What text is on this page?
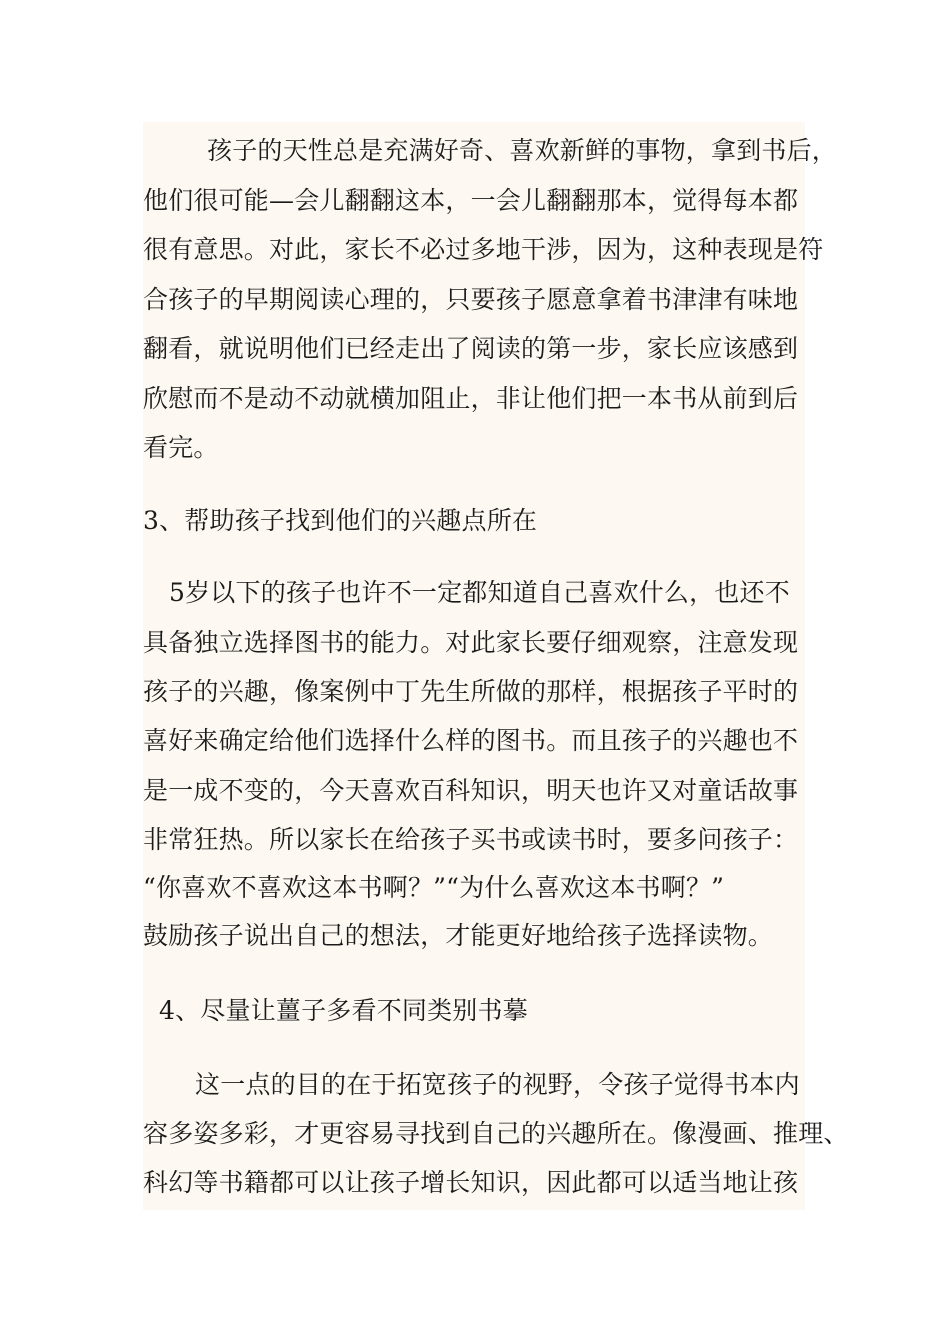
孩子的天性总是充满好奇、喜欢新鲜的事物，拿到书后，
他们很可能—会儿翻翻这本，一会儿翻翻那本，觉得每本都
很有意思。对此，家长不必过多地干涉，因为，这种表现是符
合孩子的早期阅读心理的，只要孩子愿意拿着书津津有味地
翻看，就说明他们已经走出了阅读的第一步，家长应该感到
欣慰而不是动不动就横加阻止，非让他们把一本书从前到后
看完。
3、帮助孩子找到他们的兴趣点所在
5岁以下的孩子也许不一定都知道自己喜欢什么，也还不
具备独立选择图书的能力。对此家长要仔细观察，注意发现
孩子的兴趣，像案例中丁先生所做的那样，根据孩子平时的
喜好来确定给他们选择什么样的图书。而且孩子的兴趣也不
是一成不变的，今天喜欢百科知识，明天也许又对童话故事
非常狂热。所以家长在给孩子买书或读书时，要多问孩子：
“你喜欢不喜欢这本书啊？”“为什么喜欢这本书啊？”
鼓励孩子说出自己的想法，才能更好地给孩子选择读物。
4、尽量让薑子多看不同类别书摹
这一点的目的在于拓宽孩子的视野，令孩子觉得书本内
容多姿多彩，才更容易寻找到自己的兴趣所在。像漫画、推理、
科幻等书籍都可以让孩子增长知识，因此都可以适当地让孩
